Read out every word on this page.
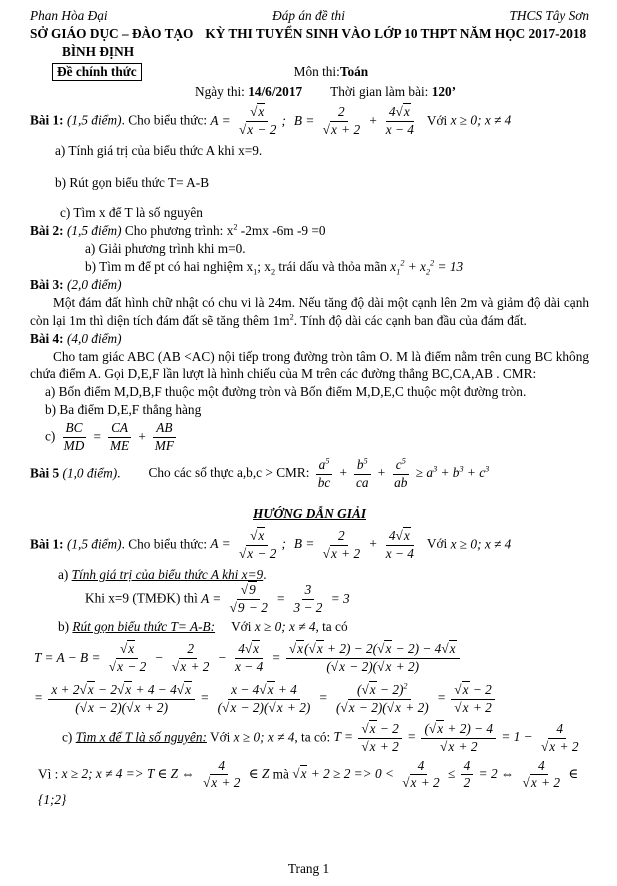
Phan Hòa Đại	Đáp án đề thi	THCS Tây Sơn
SỞ GIÁO DỤC – ĐÀO TẠO KỲ THI TUYỂN SINH VÀO LỚP 10 THPT NĂM HỌC 2017-2018
BÌNH ĐỊNH
Đề chính thức	Môn thi: Toán
Ngày thi: 14/6/2017 Thời gian làm bài: 120’
Bài 1: (1,5 điểm). Cho biểu thức: $A = \frac{√x}{√x - 2}$ ; $B = \frac{2}{√x + 2} + \frac{4√x}{x - 4}$ Với x ≥ 0; x ≠ 4
a) Tính giá trị của biểu thức A khi x=9.
b) Rút gọn biểu thức T= A-B
c) Tìm x để T là số nguyên
Bài 2: (1,5 điểm) Cho phương trình: $x^2$ -2mx -6m -9 =0
a) Giải phương trình khi m=0.
b) Tìm m để pt có hai nghiệm $x_1$; $x_2$ trái dấu và thỏa mãn $x_1^2 + x_2^2 = 13$
Bài 3: (2,0 điểm)
Một đám đất hình chữ nhật có chu vi là 24m. Nếu tăng độ dài một cạnh lên 2m và giảm độ dài cạnh còn lại 1m thì diện tích đám đất sẽ tăng thêm $1m^2$. Tính độ dài các cạnh ban đầu của đám đất.
Bài 4: (4,0 điểm)
Cho tam giác ABC (AB <AC) nội tiếp trong đường tròn tâm O. M là điểm nằm trên cung BC không chứa điểm A. Gọi D,E,F lần lượt là hình chiếu của M trên các đường thẳng BC,CA,AB . CMR:
a) Bốn điểm M,D,B,F thuộc một đường tròn và Bốn điểm M,D,E,C thuộc một đường tròn.
b) Ba điểm D,E,F thẳng hàng
$c) \frac{BC}{MD} = \frac{CA}{ME} + \frac{AB}{MF}$
Bài 5 (1,0 điểm). Cho các số thực a,b,c > CMR: $\frac{a^5}{bc} + \frac{b^5}{ca} + \frac{c^5}{ab} \ge a^3 + b^3 + c^3$
HƯỚNG DẪN GIẢI
Bài 1: (1,5 điểm). Cho biểu thức: $A = \frac{√x}{√x - 2}$ ; $B = \frac{2}{√x + 2} + \frac{4√x}{x - 4}$ Với x ≥ 0; x ≠ 4
a) Tính giá trị của biểu thức A khi x=9.
Khi x=9 (TMĐK) thì $A = \frac{√9}{√9 - 2} = \frac{3}{3 - 2} = 3$
b) Rút gọn biểu thức T= A-B: Với x ≥ 0; x ≠ 4, ta có
$T = A - B = \frac{√x}{√x - 2} - \frac{2}{√x + 2} - \frac{4√x}{x - 4} = \frac{√x(√x + 2) - 2(√x - 2) - 4√x}{(√x - 2)(√x + 2)}$
= $\frac{x + 2√x - 2√x + 4 - 4√x}{(√x - 2)(√x + 2)} = \frac{x - 4√x + 4}{(√x - 2)(√x + 2)} = \frac{(√x - 2)^2}{(√x - 2)(√x + 2)} = \frac{√x - 2}{√x + 2}$
c) Tìm x để T là số nguyên: Với x ≥ 0; x ≠ 4, ta có: $T = \frac{√x - 2}{√x + 2} = \frac{(√x + 2) - 4}{√x + 2} = 1 - \frac{4}{√x + 2}$
Vì : x ≥ 2; x ≠ 4 => T ∈ Z ⇔ $\frac{4}{√x + 2}$ ∈ Z mà $√x + 2 \ge 2 => 0 < \frac{4}{√x + 2} \le \frac{4}{2} = 2$ ⇔ $\frac{4}{√x + 2}$ ∈ {1;2}
Trang 1
